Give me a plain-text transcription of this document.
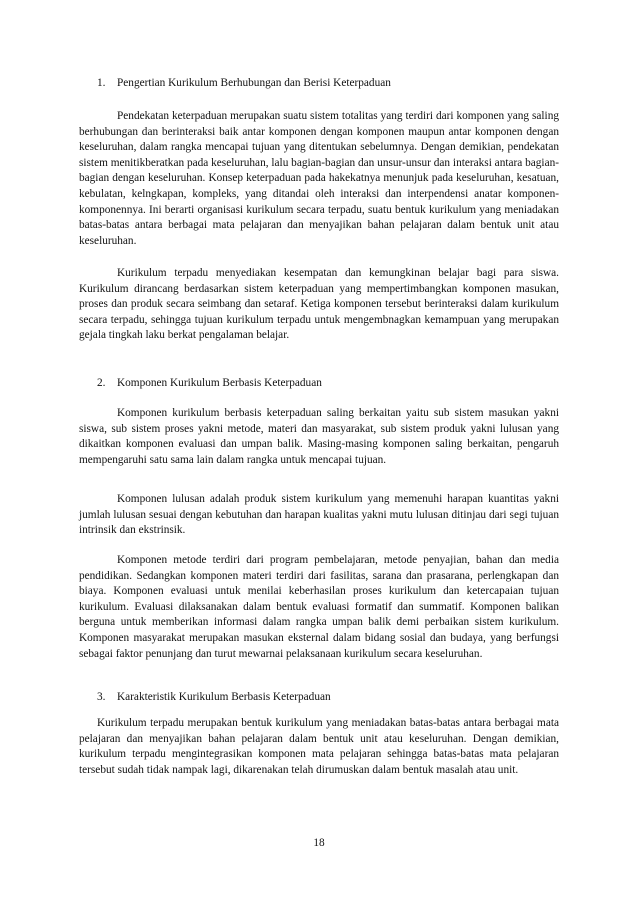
1. Pengertian Kurikulum Berhubungan dan Berisi Keterpaduan

Pendekatan keterpaduan merupakan suatu sistem totalitas yang terdiri dari komponen yang saling berhubungan dan berinteraksi baik antar komponen dengan komponen maupun antar komponen dengan keseluruhan, dalam rangka mencapai tujuan yang ditentukan sebelumnya. Dengan demikian, pendekatan sistem menitikberatkan pada keseluruhan, lalu bagian-bagian dan unsur-unsur dan interaksi antara bagian-bagian dengan keseluruhan. Konsep keterpaduan pada hakekatnya menunjuk pada keseluruhan, kesatuan, kebulatan, kelngkapan, kompleks, yang ditandai oleh interaksi dan interpendensi anatar komponen-komponennya. Ini berarti organisasi kurikulum secara terpadu, suatu bentuk kurikulum yang meniadakan batas-batas antara berbagai mata pelajaran dan menyajikan bahan pelajaran dalam bentuk unit atau keseluruhan.

Kurikulum terpadu menyediakan kesempatan dan kemungkinan belajar bagi para siswa. Kurikulum dirancang berdasarkan sistem keterpaduan yang mempertimbangkan komponen masukan, proses dan produk secara seimbang dan setaraf. Ketiga komponen tersebut berinteraksi dalam kurikulum secara terpadu, sehingga tujuan kurikulum terpadu untuk mengembnagkan kemampuan yang merupakan gejala tingkah laku berkat pengalaman belajar.

2. Komponen Kurikulum Berbasis Keterpaduan

Komponen kurikulum berbasis keterpaduan saling berkaitan yaitu sub sistem masukan yakni siswa, sub sistem proses yakni metode, materi dan masyarakat, sub sistem produk yakni lulusan yang dikaitkan komponen evaluasi dan umpan balik. Masing-masing komponen saling berkaitan, pengaruh mempengaruhi satu sama lain dalam rangka untuk mencapai tujuan.

Komponen lulusan adalah produk sistem kurikulum yang memenuhi harapan kuantitas yakni jumlah lulusan sesuai dengan kebutuhan dan harapan kualitas yakni mutu lulusan ditinjau dari segi tujuan intrinsik dan ekstrinsik.

Komponen metode terdiri dari program pembelajaran, metode penyajian, bahan dan media pendidikan. Sedangkan komponen materi terdiri dari fasilitas, sarana dan prasarana, perlengkapan dan biaya. Komponen evaluasi untuk menilai keberhasilan proses kurikulum dan ketercapaian tujuan kurikulum. Evaluasi dilaksanakan dalam bentuk evaluasi formatif dan summatif. Komponen balikan berguna untuk memberikan informasi dalam rangka umpan balik demi perbaikan sistem kurikulum. Komponen masyarakat merupakan masukan eksternal dalam bidang sosial dan budaya, yang berfungsi sebagai faktor penunjang dan turut mewarnai pelaksanaan kurikulum secara keseluruhan.

3. Karakteristik Kurikulum Berbasis Keterpaduan

Kurikulum terpadu merupakan bentuk kurikulum yang meniadakan batas-batas antara berbagai mata pelajaran dan menyajikan bahan pelajaran dalam bentuk unit atau keseluruhan. Dengan demikian, kurikulum terpadu mengintegrasikan komponen mata pelajaran sehingga batas-batas mata pelajaran tersebut sudah tidak nampak lagi, dikarenakan telah dirumuskan dalam bentuk masalah atau unit.

18
